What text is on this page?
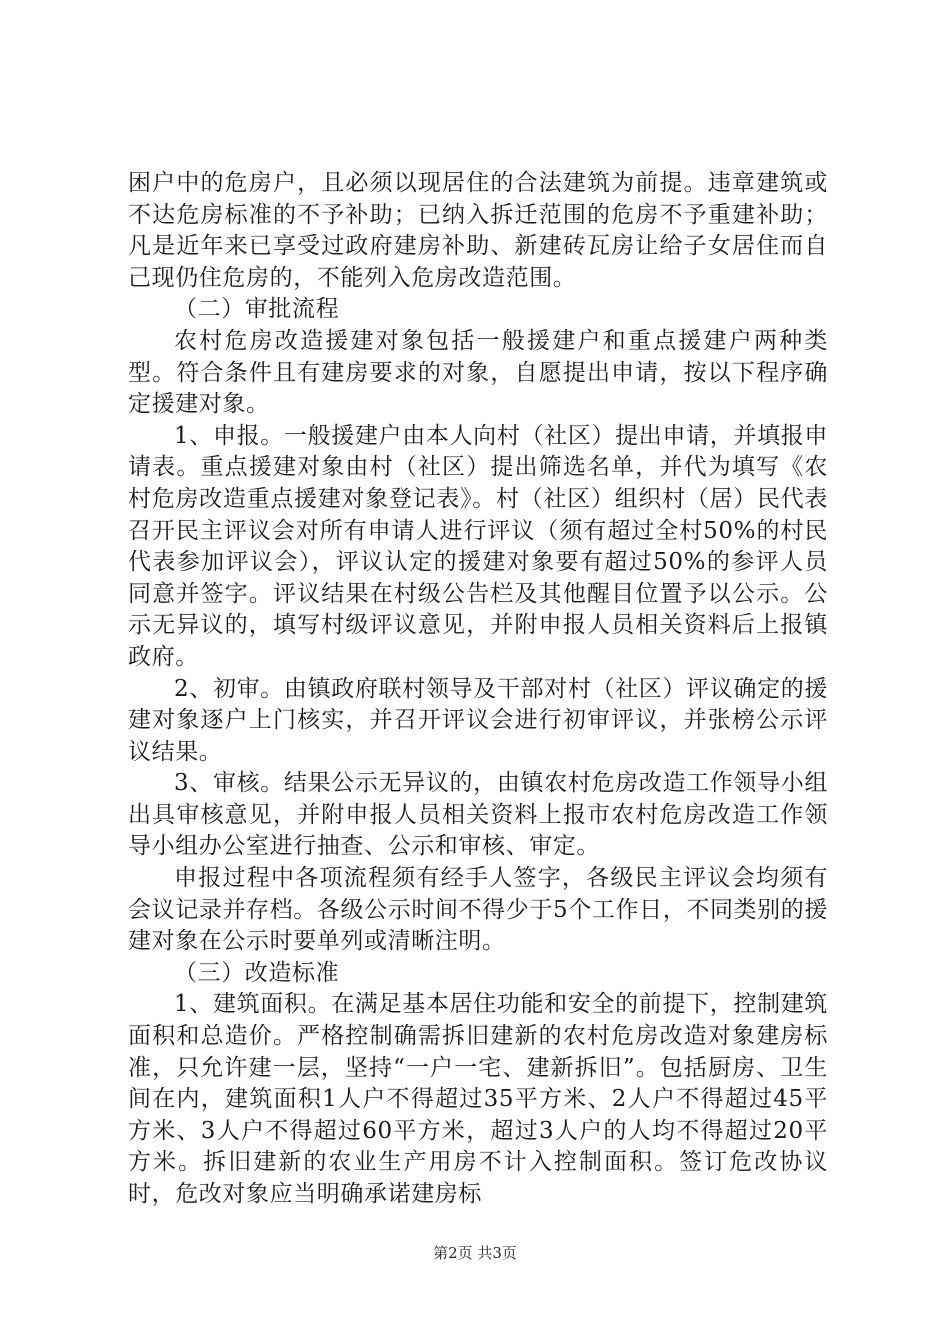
困户中的危房户，且必须以现居住的合法建筑为前提。违章建筑或不达危房标准的不予补助；已纳入拆迁范围的危房不予重建补助；凡是近年来已享受过政府建房补助、新建砖瓦房让给子女居住而自己现仍住危房的，不能列入危房改造范围。

（二）审批流程

农村危房改造援建对象包括一般援建户和重点援建户两种类型。符合条件且有建房要求的对象，自愿提出申请，按以下程序确定援建对象。

1、申报。一般援建户由本人向村（社区）提出申请，并填报申请表。重点援建对象由村（社区）提出筛选名单，并代为填写《农村危房改造重点援建对象登记表》。村（社区）组织村（居）民代表召开民主评议会对所有申请人进行评议（须有超过全村50%的村民代表参加评议会），评议认定的援建对象要有超过50%的参评人员同意并签字。评议结果在村级公告栏及其他醒目位置予以公示。公示无异议的，填写村级评议意见，并附申报人员相关资料后上报镇政府。

2、初审。由镇政府联村领导及干部对村（社区）评议确定的援建对象逐户上门核实，并召开评议会进行初审评议，并张榜公示评议结果。

3、审核。结果公示无异议的，由镇农村危房改造工作领导小组出具审核意见，并附申报人员相关资料上报市农村危房改造工作领导小组办公室进行抽查、公示和审核、审定。

申报过程中各项流程须有经手人签字，各级民主评议会均须有会议记录并存档。各级公示时间不得少于5个工作日，不同类别的援建对象在公示时要单列或清晰注明。

（三）改造标准

1、建筑面积。在满足基本居住功能和安全的前提下，控制建筑面积和总造价。严格控制确需拆旧建新的农村危房改造对象建房标准，只允许建一层，坚持“一户一宅、建新拆旧”。包括厨房、卫生间在内，建筑面积1人户不得超过35平方米、2人户不得超过45平方米、3人户不得超过60平方米，超过3人户的人均不得超过20平方米。拆旧建新的农业生产用房不计入控制面积。签订危改协议时，危改对象应当明确承诺建房标

第2页 共3页
